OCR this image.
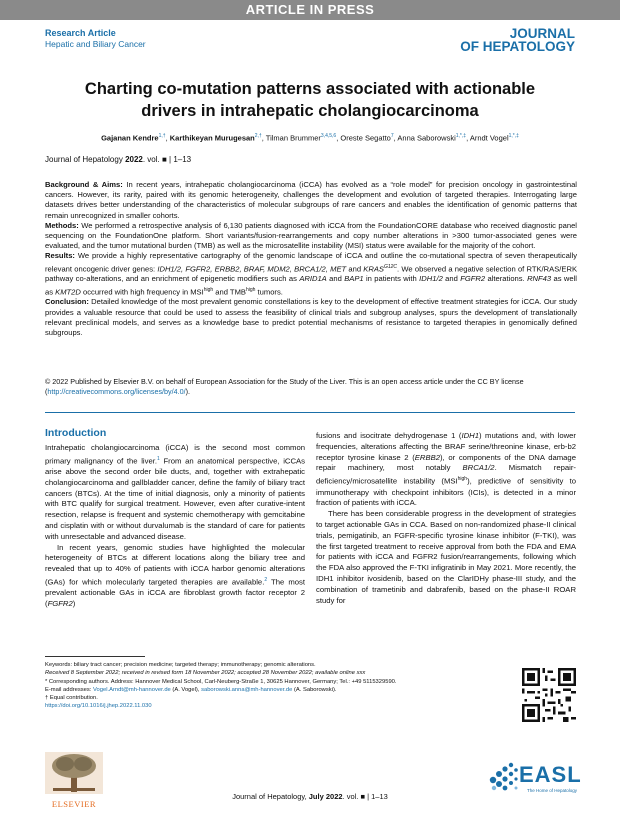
ARTICLE IN PRESS
Research Article
Hepatic and Biliary Cancer
JOURNAL
OF HEPATOLOGY
Charting co-mutation patterns associated with actionable
drivers in intrahepatic cholangiocarcinoma
Gajanan Kendre$^{1,\dagger}$, Karthikeyan Murugesan$^{2,\dagger}$, Tilman Brummer$^{3,4,5,6}$, Oreste Segatto$^7$, Anna Saborowski$^{1,*,\ddagger}$, Arndt Vogel$^{1,*,\ddagger}$
Journal of Hepatology 2022. vol. ■ | 1–13

Background & Aims: In recent years, intrahepatic cholangiocarcinoma (iCCA) has evolved as a “role model” for precision oncology in gastrointestinal cancers. However, its rarity, paired with its genomic heterogeneity, challenges the development and evolution of targeted therapies. Interrogating large datasets drives better understanding of the characteristics of molecular subgroups of rare cancers and enables the identification of genomic patterns that remain unrecognized in smaller cohorts.

Methods: We performed a retrospective analysis of 6,130 patients diagnosed with iCCA from the FoundationCORE database who received diagnostic panel sequencing on the FoundationOne platform. Short variants/fusion-rearrangements and copy number alterations in >300 tumor-associated genes were evaluated, and the tumor mutational burden (TMB) as well as the microsatellite instability (MSI) status were available for the majority of the cohort.

Results: We provide a highly representative cartography of the genomic landscape of iCCA and outline the co-mutational spectra of seven therapeutically relevant oncogenic driver genes: IDH1/2, FGFR2, ERBB2, BRAF, MDM2, BRCA1/2, MET and $KRAS^{G12C}$. We observed a negative selection of RTK/RAS/ERK pathway co-alterations, and an enrichment of epigenetic modifiers such as ARID1A and BAP1 in patients with IDH1/2 and FGFR2 alterations. RNF43 as well as KMT2D occurred with high frequency in $MSI^{high}$ and $TMB^{high}$ tumors.

Conclusion: Detailed knowledge of the most prevalent genomic constellations is key to the development of effective treatment strategies for iCCA. Our study provides a valuable resource that could be used to assess the feasibility of clinical trials and subgroup analyses, spurs the development of translationally relevant preclinical models, and serves as a knowledge base to predict potential mechanisms of resistance to targeted therapies in genomically defined subgroups.

© 2022 Published by Elsevier B.V. on behalf of European Association for the Study of the Liver. This is an open access article under the CC BY license (http://creativecommons.org/licenses/by/4.0/).
Introduction

Intrahepatic cholangiocarcinoma (iCCA) is the second most common primary malignancy of the liver.$^1$ From an anatomical perspective, iCCAs arise above the second order bile ducts, and, together with extrahepatic cholangiocarcinoma and gallbladder cancer, define the family of biliary tract cancers (BTCs). At the time of initial diagnosis, only a minority of patients with BTC qualify for surgical treatment. However, even after curative-intent resection, relapse is frequent and systemic chemotherapy with gemcitabine and cisplatin with or without durvalumab is the standard of care for patients with unresectable and advanced disease.

In recent years, genomic studies have highlighted the molecular heterogeneity of BTCs at different locations along the biliary tree and revealed that up to 40% of patients with iCCA harbor genomic alterations (GAs) for which molecularly targeted therapies are available.$^2$ The most prevalent actionable GAs in iCCA are fibroblast growth factor receptor 2 (FGFR2)

fusions and isocitrate dehydrogenase 1 (IDH1) mutations and, with lower frequencies, alterations affecting the BRAF serine/threonine kinase, erb-b2 receptor tyrosine kinase 2 (ERBB2), or components of the DNA damage repair machinery, most notably BRCA1/2. Mismatch repair-deficiency/microsatellite instability $(MSI^{high})$, predictive of sensitivity to immunotherapy with checkpoint inhibitors (ICIs), is detected in a minor fraction of patients with iCCA.

There has been considerable progress in the development of strategies to target actionable GAs in CCA. Based on non-randomized phase-II clinical trials, pemigatinib, an FGFR-specific tyrosine kinase inhibitor (F-TKI), was the first targeted treatment to receive approval from both the FDA and EMA for patients with iCCA and FGFR2 fusion/rearrangements, following which the FDA also approved the F-TKI infigratinib in May 2021. More recently, the IDH1 inhibitor ivosidenib, based on the ClarIDHy phase-III study, and the combination of trametinib and dabrafenib, based on the phase-II ROAR study for

Keywords: biliary tract cancer; precision medicine; targeted therapy; immunotherapy; genomic alterations.
Received 8 September 2022; received in revised form 18 November 2022; accepted 28 November 2022; available online xxx
* Corresponding authors. Address: Hannover Medical School, Carl-Neuberg-Straße 1, 30625 Hannover, Germany; Tel.: +49 5115329590.
E-mail addresses: Vogel.Arndt@mh-hannover.de (A. Vogel), saborowski.anna@mh-hannover.de (A. Saborowski).
† Equal contribution.
https://doi.org/10.1016/j.jhep.2022.11.030
ELSEVIER
Journal of Hepatology, July 2022. vol. ■ | 1–13
EASL
The Home of Hepatology
